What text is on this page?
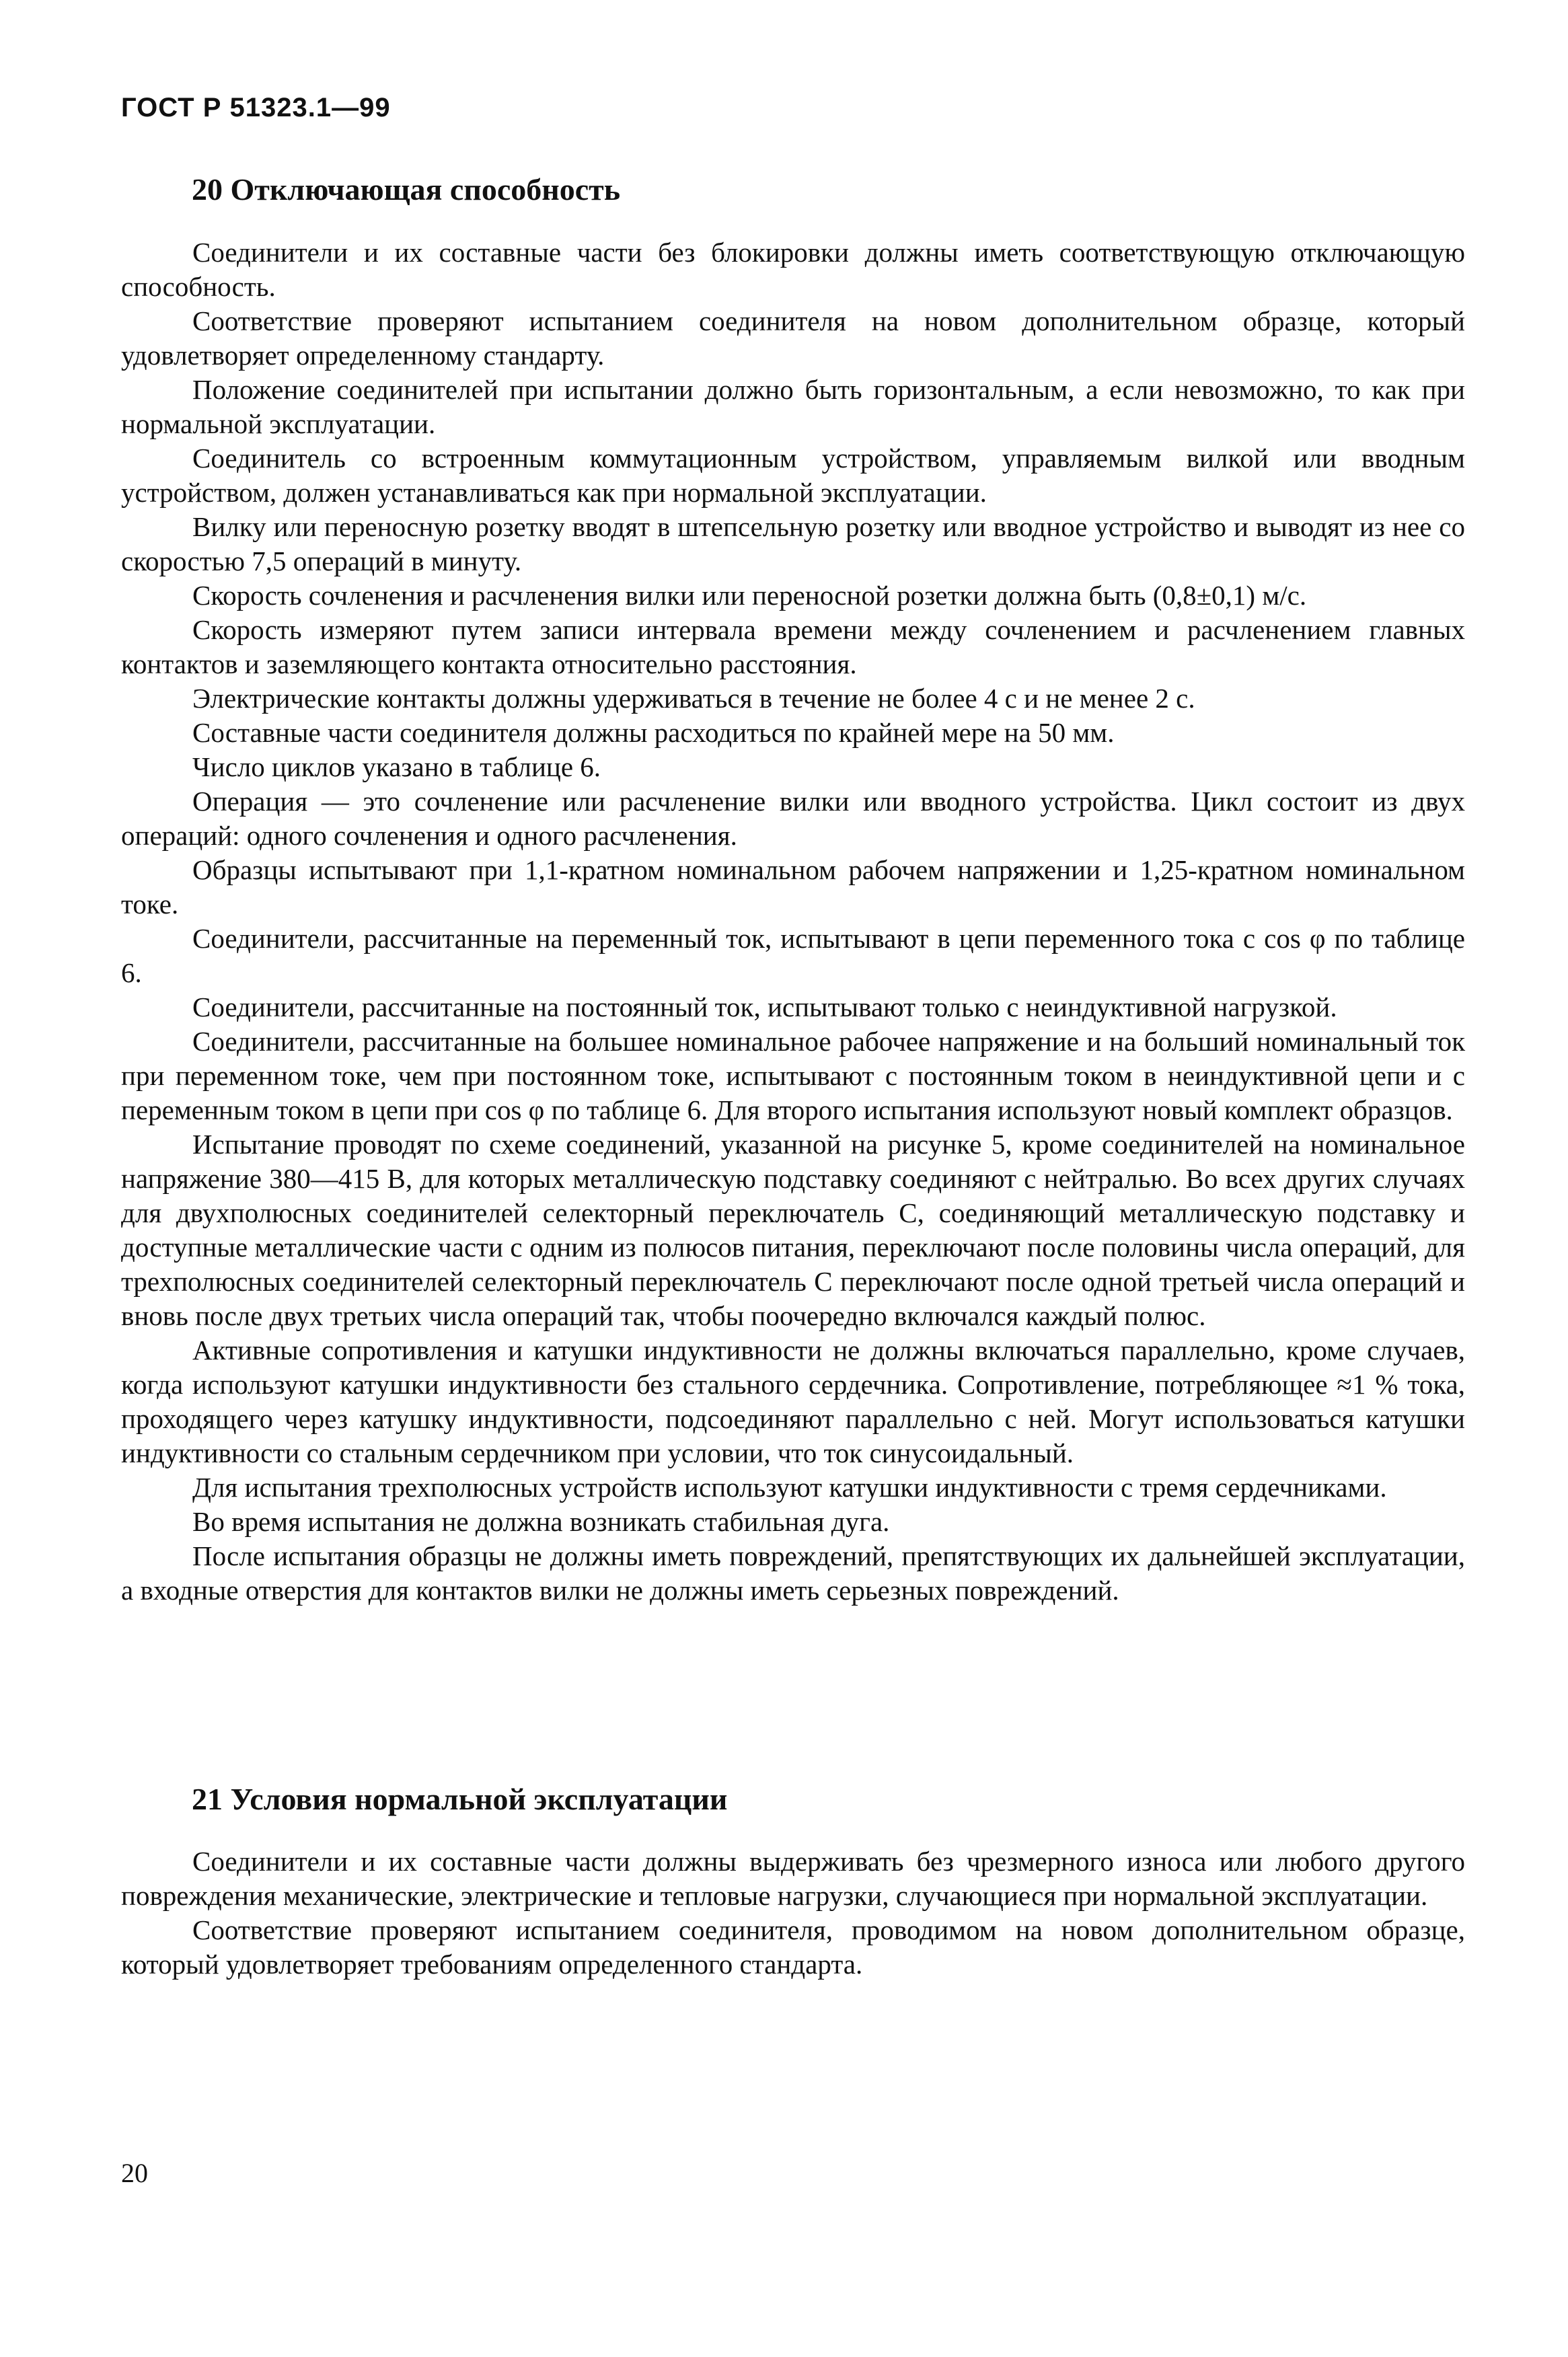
ГОСТ Р 51323.1—99
20 Отключающая способность

Соединители и их составные части без блокировки должны иметь соответствующую отключающую способность.

Соответствие проверяют испытанием соединителя на новом дополнительном образце, который удовлетворяет определенному стандарту.

Положение соединителей при испытании должно быть горизонтальным, а если невозможно, то как при нормальной эксплуатации.

Соединитель со встроенным коммутационным устройством, управляемым вилкой или вводным устройством, должен устанавливаться как при нормальной эксплуатации.

Вилку или переносную розетку вводят в штепсельную розетку или вводное устройство и выводят из нее со скоростью 7,5 операций в минуту.

Скорость сочленения и расчленения вилки или переносной розетки должна быть (0,8±0,1) м/с.

Скорость измеряют путем записи интервала времени между сочленением и расчленением главных контактов и заземляющего контакта относительно расстояния.

Электрические контакты должны удерживаться в течение не более 4 с и не менее 2 с.

Составные части соединителя должны расходиться по крайней мере на 50 мм.

Число циклов указано в таблице 6.

Операция — это сочленение или расчленение вилки или вводного устройства. Цикл состоит из двух операций: одного сочленения и одного расчленения.

Образцы испытывают при 1,1-кратном номинальном рабочем напряжении и 1,25-кратном номинальном токе.

Соединители, рассчитанные на переменный ток, испытывают в цепи переменного тока с cos φ по таблице 6.

Соединители, рассчитанные на постоянный ток, испытывают только с неиндуктивной нагрузкой.

Соединители, рассчитанные на большее номинальное рабочее напряжение и на больший номинальный ток при переменном токе, чем при постоянном токе, испытывают с постоянным током в неиндуктивной цепи и с переменным током в цепи при cos φ по таблице 6. Для второго испытания используют новый комплект образцов.

Испытание проводят по схеме соединений, указанной на рисунке 5, кроме соединителей на номинальное напряжение 380—415 В, для которых металлическую подставку соединяют с нейтралью. Во всех других случаях для двухполюсных соединителей селекторный переключатель С, соединяющий металлическую подставку и доступные металлические части с одним из полюсов питания, переключают после половины числа операций, для трехполюсных соединителей селекторный переключатель С переключают после одной третьей числа операций и вновь после двух третьих числа операций так, чтобы поочередно включался каждый полюс.

Активные сопротивления и катушки индуктивности не должны включаться параллельно, кроме случаев, когда используют катушки индуктивности без стального сердечника. Сопротивление, потребляющее ≈1 % тока, проходящего через катушку индуктивности, подсоединяют параллельно с ней. Могут использоваться катушки индуктивности со стальным сердечником при условии, что ток синусоидальный.

Для испытания трехполюсных устройств используют катушки индуктивности с тремя сердечниками.

Во время испытания не должна возникать стабильная дуга.

После испытания образцы не должны иметь повреждений, препятствующих их дальнейшей эксплуатации, а входные отверстия для контактов вилки не должны иметь серьезных повреждений.

21 Условия нормальной эксплуатации

Соединители и их составные части должны выдерживать без чрезмерного износа или любого другого повреждения механические, электрические и тепловые нагрузки, случающиеся при нормальной эксплуатации.

Соответствие проверяют испытанием соединителя, проводимом на новом дополнительном образце, который удовлетворяет требованиям определенного стандарта.

20
